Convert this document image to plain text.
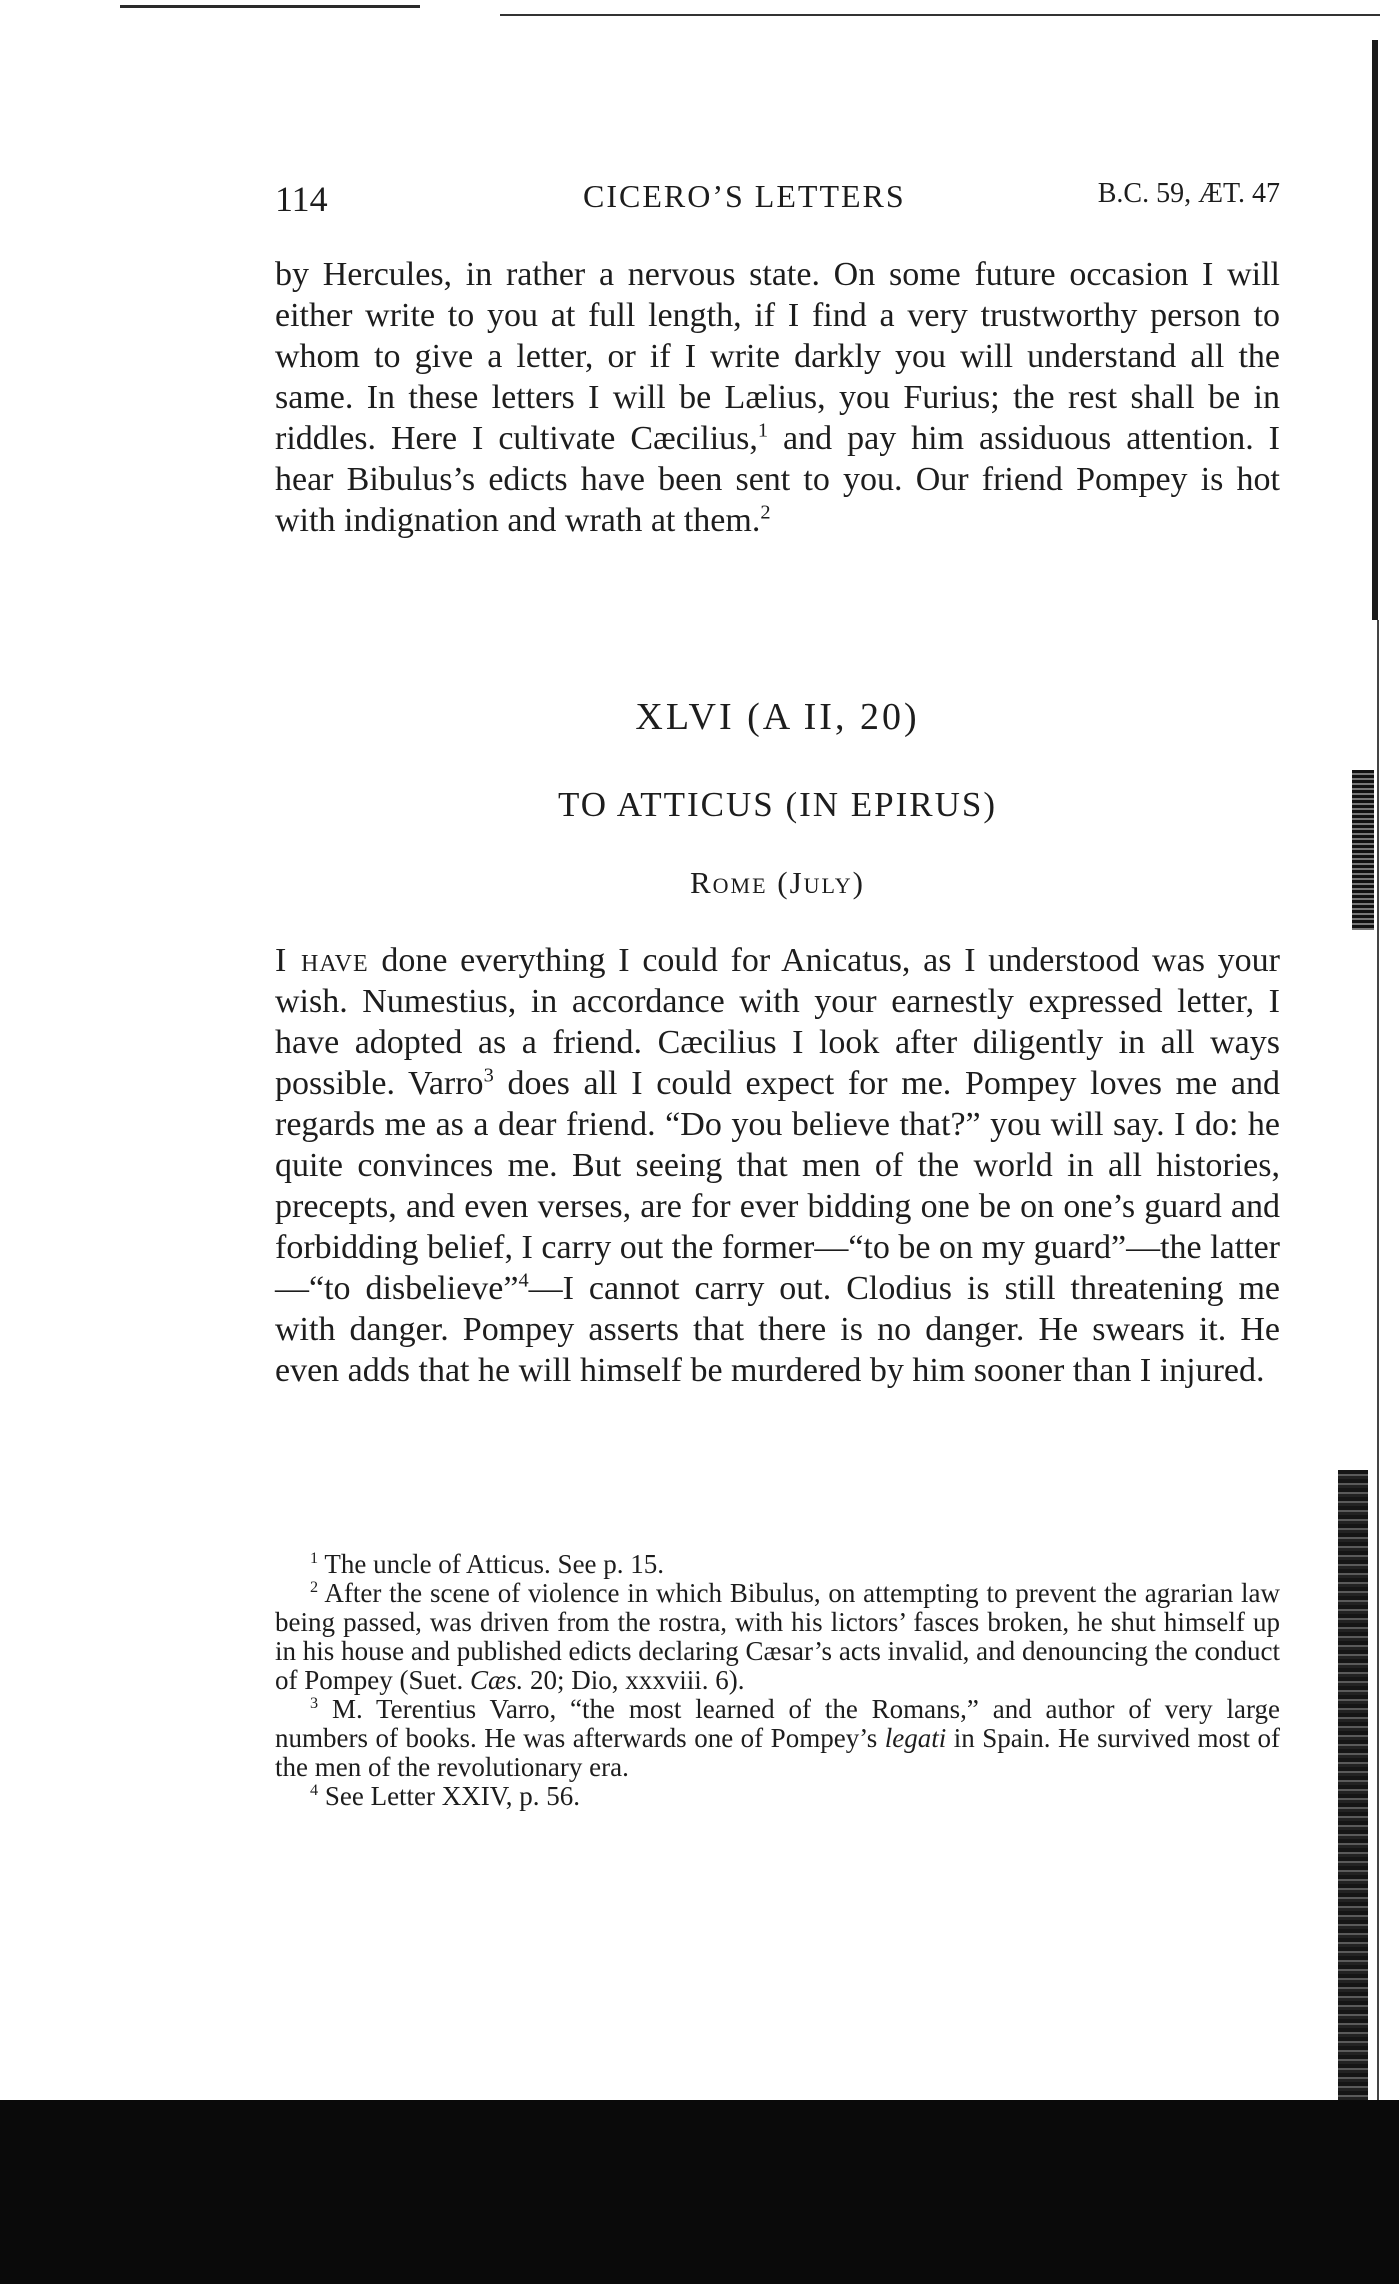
114	CICERO’S LETTERS	B.C. 59, ÆT. 47

by Hercules, in rather a nervous state. On some future occasion I will either write to you at full length, if I find a very trustworthy person to whom to give a letter, or if I write darkly you will understand all the same. In these letters I will be Lælius, you Furius; the rest shall be in riddles. Here I cultivate Cæcilius,$^1$ and pay him assiduous attention. I hear Bibulus’s edicts have been sent to you. Our friend Pompey is hot with indignation and wrath at them.$^2$

XLVI (A II, 20)
TO ATTICUS (IN EPIRUS)
Rome (July)

I have done everything I could for Anicatus, as I understood was your wish. Numestius, in accordance with your earnestly expressed letter, I have adopted as a friend. Cæcilius I look after diligently in all ways possible. Varro$^3$ does all I could expect for me. Pompey loves me and regards me as a dear friend. “Do you believe that?” you will say. I do: he quite convinces me. But seeing that men of the world in all histories, precepts, and even verses, are for ever bidding one be on one’s guard and forbidding belief, I carry out the former—“to be on my guard”—the latter—“to disbelieve”$^4$—I cannot carry out. Clodius is still threatening me with danger. Pompey asserts that there is no danger. He swears it. He even adds that he will himself be murdered by him sooner than I injured.

$^1$ The uncle of Atticus. See p. 15.

$^2$ After the scene of violence in which Bibulus, on attempting to prevent the agrarian law being passed, was driven from the rostra, with his lictors’ fasces broken, he shut himself up in his house and published edicts declaring Cæsar’s acts invalid, and denouncing the conduct of Pompey (Suet. Cæs. 20; Dio, xxxviii. 6).

$^3$ M. Terentius Varro, “the most learned of the Romans,” and author of very large numbers of books. He was afterwards one of Pompey’s legati in Spain. He survived most of the men of the revolutionary era.

$^4$ See Letter XXIV, p. 56.
